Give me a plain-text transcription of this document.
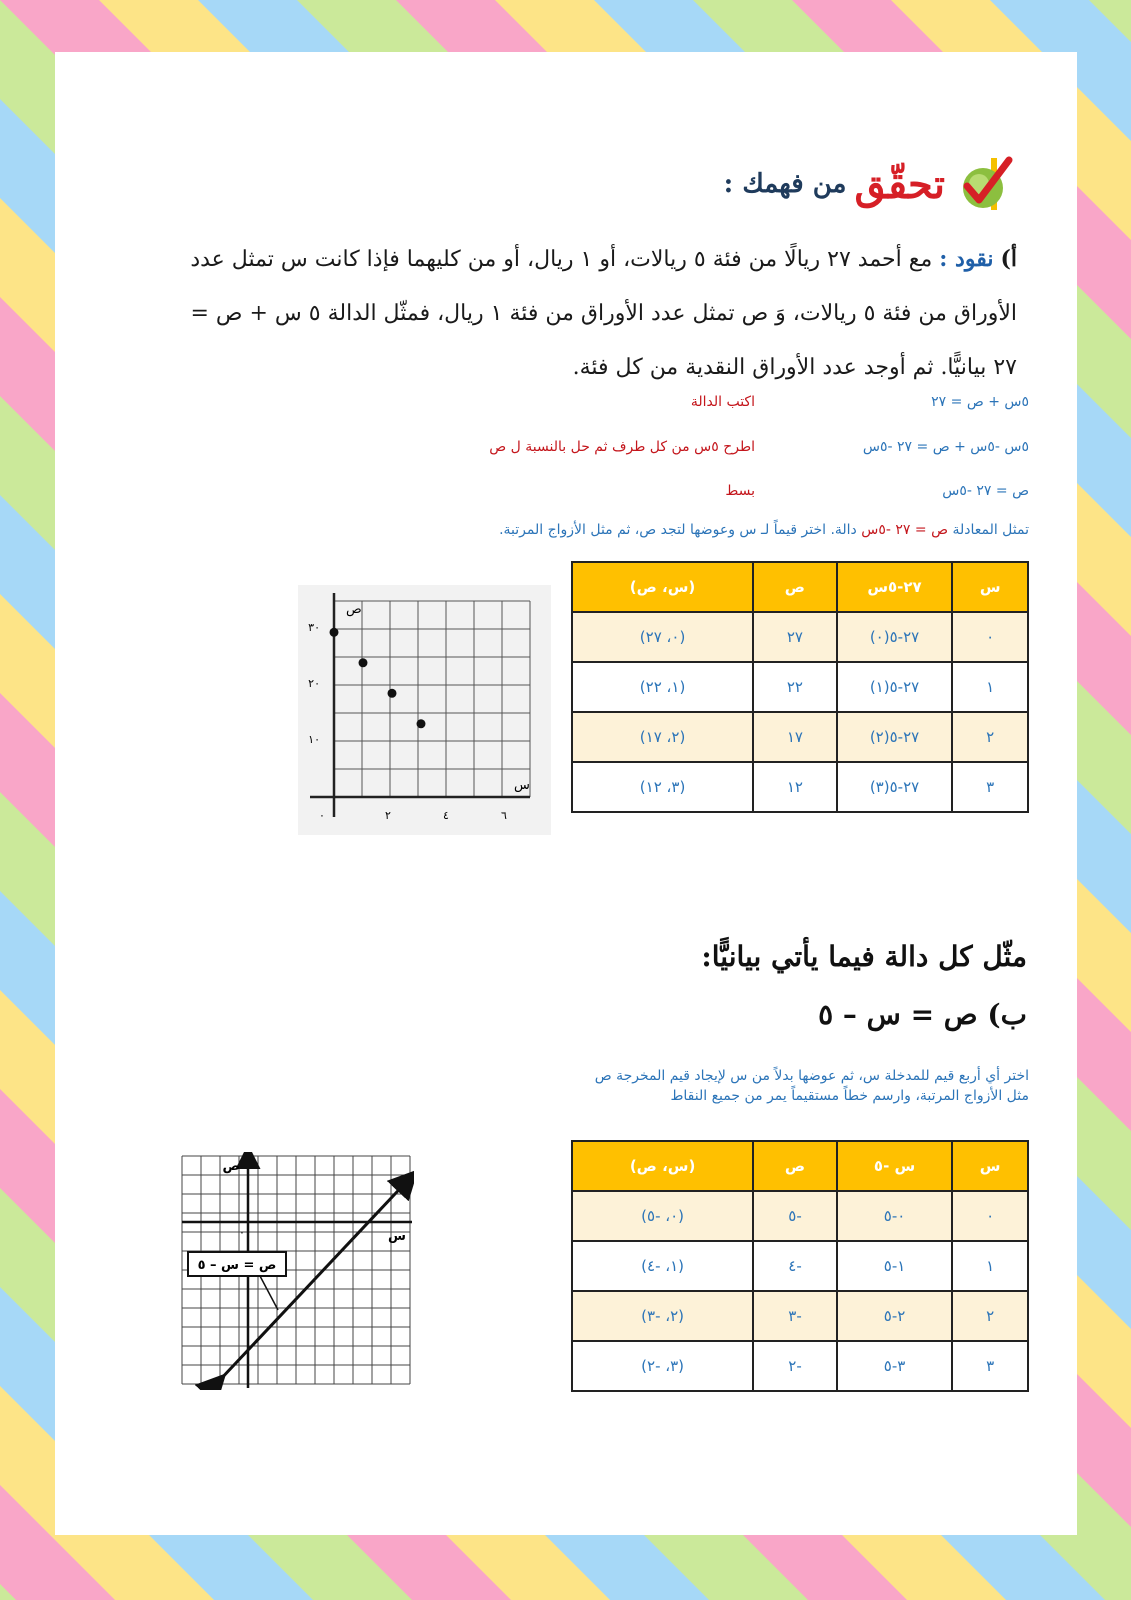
تحقّق
من فهمك :
أ) نقود : مع أحمد ٢٧ ريالًا من فئة ٥ ريالات، أو ١ ريال، أو من كليهما فإذا كانت س تمثل عدد الأوراق من فئة ٥ ريالات، وَ ص تمثل عدد الأوراق من فئة ١ ريال، فمثّل الدالة ٥ س + ص = ٢٧ بيانيًّا. ثم أوجد عدد الأوراق النقدية من كل فئة.
٥س + ص = ٢٧
اكتب الدالة
٥س -٥س + ص = ٢٧ -٥س
اطرح ٥س من كل طرف ثم حل بالنسبة ل ص
ص = ٢٧ -٥س
بسط
تمثل المعادلة ص = ٢٧ -٥س دالة. اختر قيماً لـ س وعوضها لتجد ص، ثم مثل الأزواج المرتبة.
س	٢٧-٥س	ص	(س، ص)
٠	٢٧-٥(٠)	٢٧	(٠، ٢٧)
١	٢٧-٥(١)	٢٢	(١، ٢٢)
٢	٢٧-٥(٢)	١٧	(٢، ١٧)
٣	٢٧-٥(٣)	١٢	(٣، ١٢)
ص
س
٣٠
٢٠
١٠
٠	٢	٤	٦
مثّل كل دالة فيما يأتي بيانيًّا:
ب) ص = س – ٥
اختر أي أربع قيم للمدخلة س، ثم عوضها بدلاً من س لإيجاد قيم المخرجة ص
مثل الأزواج المرتبة، وارسم خطاً مستقيماً يمر من جميع النقاط
س	س -٥	ص	(س، ص)
٠	٠-٥	-٥	(٠، -٥)
١	١-٥	-٤	(١، -٤)
٢	٢-٥	-٣	(٢، -٣)
٣	٣-٥	-٢	(٣، -٢)
ص = س – ٥
ص
س
٠
